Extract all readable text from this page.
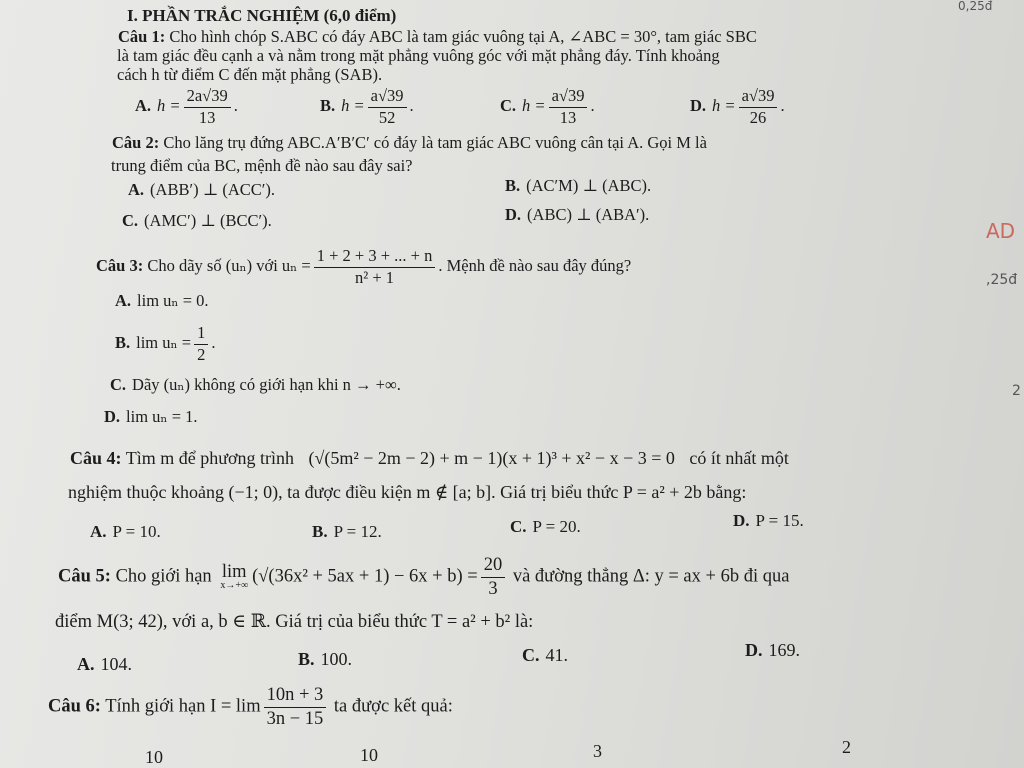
I. PHẦN TRẮC NGHIỆM (6,0 điểm)	0,25đ
Câu 1: Cho hình chóp S.ABC có đáy ABC là tam giác vuông tại A, ∠ABC = 30°, tam giác SBC
là tam giác đều cạnh a và nằm trong mặt phẳng vuông góc với mặt phẳng đáy. Tính khoảng
cách h từ điểm C đến mặt phẳng (SAB).
A. $h = \frac{2a√39}{13}$ .	B. $h = \frac{a√39}{52}$ .	C. $h = \frac{a√39}{13}$ .	D. $h = \frac{a√39}{26}$ .
Câu 2: Cho lăng trụ đứng ABC.A′B′C′ có đáy là tam giác ABC vuông cân tại A. Gọi M là
trung điểm của BC, mệnh đề nào sau đây sai?
A. (ABB′) ⊥ (ACC′).	B. (AC′M) ⊥ (ABC).
C. (AMC′) ⊥ (BCC′).	D. (ABC) ⊥ (ABA′).
Câu 3: Cho dãy số (uₙ) với $u_n = \frac{1 + 2 + 3 + ... + n}{\text{n² + 1}}$ . Mệnh đề nào sau đây đúng?
A. lim uₙ = 0.
B. $\lim u_n = \frac{1}{2}$ .
C. Dãy (uₙ) không có giới hạn khi n → +∞.
D. lim uₙ = 1.
Câu 4: Tìm m để phương trình (√(5m² − 2m − 2) + m − 1)(x + 1)³ + x² − x − 3 = 0 có ít nhất một
nghiệm thuộc khoảng (−1; 0), ta được điều kiện m ∉ [a; b]. Giá trị biểu thức P = a² + 2b bằng:
A. P = 10.	B. P = 12.	C. P = 20.	D. P = 15.
Câu 5: Cho giới hạn lim
x→+∞ $(√(36x^2 + 5ax + 1) - 6x + b) = \frac{20}{3}$ và đường thẳng Δ: y = ax + 6b đi qua
điểm M(3; 42), với a, b ∈ ℝ. Giá trị của biểu thức T = a² + b² là:
A. 104.	B. 100.	C. 41.	D. 169.
Câu 6: Tính giới hạn $I = \lim \frac{10n + 3}{3n - 15}$ ta được kết quả:
10	10	3	2
AD
,25đ
2
